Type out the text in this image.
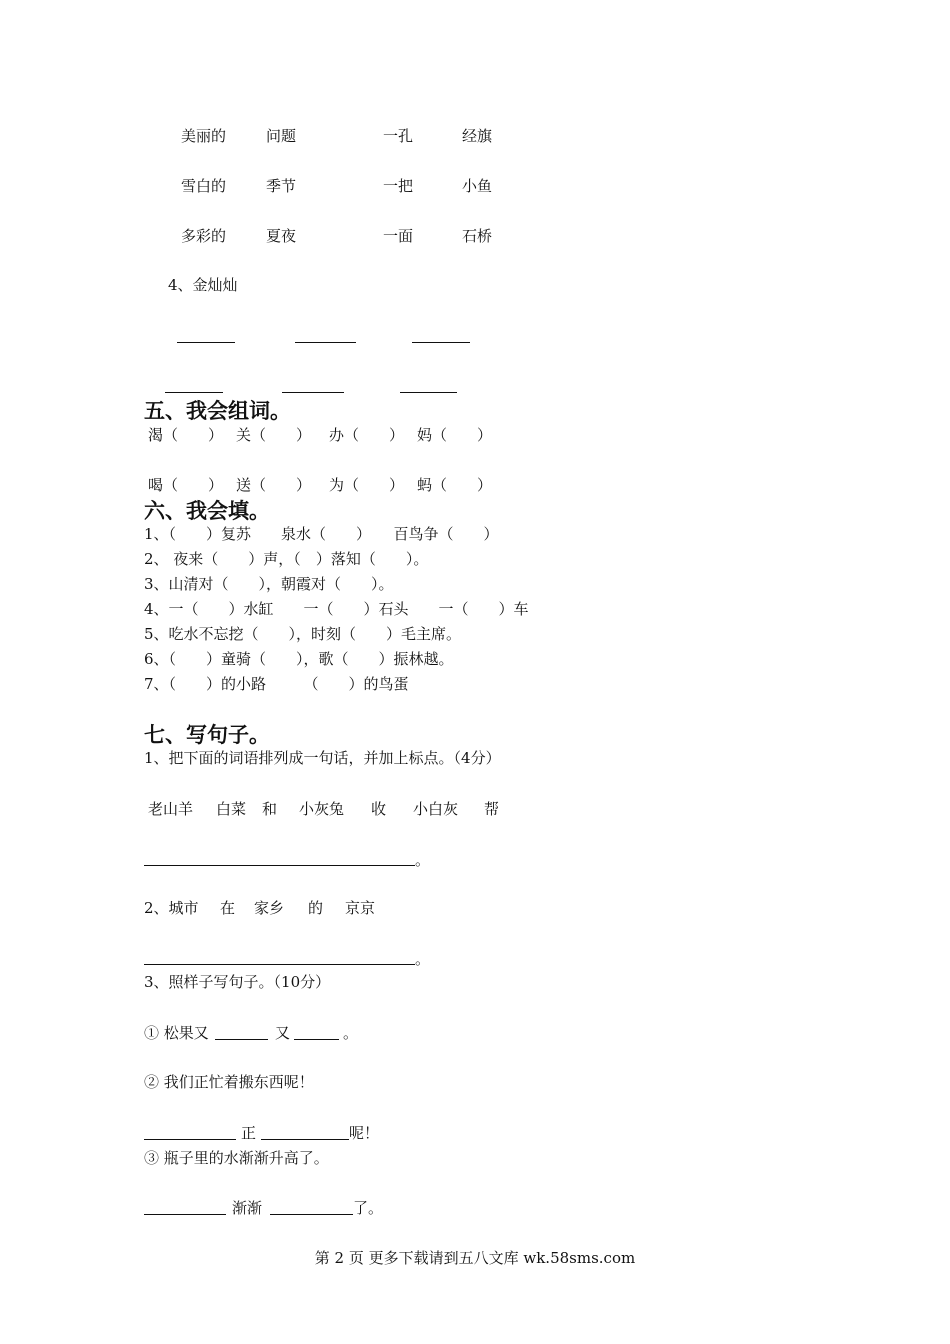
美丽的	问题	一孔	经旗
雪白的	季节	一把	小鱼
多彩的	夏夜	一面	石桥
4、金灿灿
五、我会组词。
渴（　　） 关（　　） 办（　　） 妈（　　）
喝（　　） 送（　　） 为（　　） 蚂（　　）
六、我会填。
1、（　　）复苏　　泉水（　　）　　百鸟争（　　）
2、 夜来（　　）声，（　）落知（　　）。
3、山清对（　　），朝霞对（　　）。
4、一（　　）水缸　　一（　　）石头　　一（　　）车
5、吃水不忘挖（　　），时刻（　　）毛主席。
6、（　　）童骑（　　），歌（　　）振林越。
7、（　　）的小路　　　（　　）的鸟蛋
七、写句子。
1、把下面的词语排列成一句话，并加上标点。（4分）
老山羊 白菜 和 小灰兔 收 小白灰 帮
。
2、城市 在 家乡 的 京京
。
3、照样子写句子。（10分）
① 松果又	又	。
② 我们正忙着搬东西呢！
正	呢！
③ 瓶子里的水渐渐升高了。
渐渐	了。
第 2 页 更多下载请到五八文库 wk.58sms.com
